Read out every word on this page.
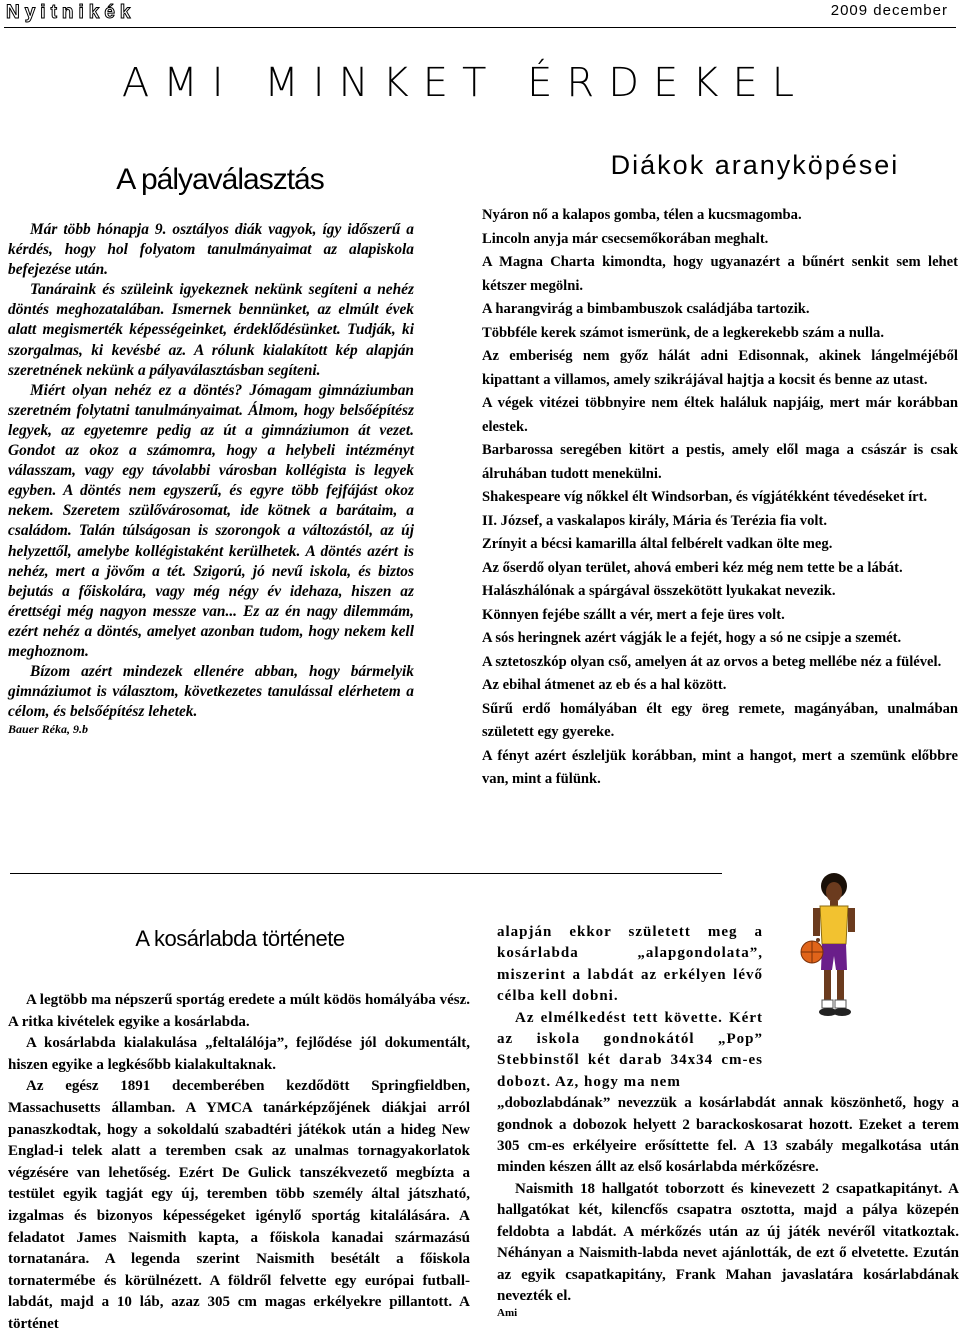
Nyitnikék	2009 december
AMI MINKET ÉRDEKEL
A pályaválasztás

Már több hónapja 9. osztályos diák vagyok, így időszerű a kérdés, hogy hol folyatom tanulmányaimat az alapiskola befejezése után.

Tanáraink és szüleink igyekeznek nekünk segíteni a nehéz döntés meghozatalában. Ismernek bennünket, az elmúlt évek alatt megismerték képességeinket, érdeklődésünket. Tudják, ki szorgalmas, ki kevésbé az. A rólunk kialakított kép alapján szeretnének nekünk a pályaválasztásban segíteni.

Miért olyan nehéz ez a döntés? Jómagam gimnáziumban szeretném folytatni tanulmányaimat. Álmom, hogy belsőépítész legyek, az egyetemre pedig az út a gimnáziumon át vezet. Gondot az okoz a számomra, hogy a helybeli intézményt válasszam, vagy egy távolabbi városban kollégista is legyek egyben. A döntés nem egyszerű, és egyre több fejfájást okoz nekem. Szeretem szülővárosomat, ide kötnek a barátaim, a családom. Talán túlságosan is szorongok a változástól, az új helyzettől, amelybe kollégistaként kerülhetek. A döntés azért is nehéz, mert a jövőm a tét. Szigorú, jó nevű iskola, és biztos bejutás a főiskolára, vagy még négy év idehaza, hiszen az érettségi még nagyon messze van... Ez az én nagy dilemmám, ezért nehéz a döntés, amelyet azonban tudom, hogy nekem kell meghoznom.

Bízom azért mindezek ellenére abban, hogy bármelyik gimnáziumot is választom, következetes tanulással elérhetem a célom, és belsőépítész lehetek.

Bauer Réka, 9.b

Diákok aranyköpései
Nyáron nő a kalapos gomba, télen a kucsmagomba.
Lincoln anyja már csecsemőkorában meghalt.
A Magna Charta kimondta, hogy ugyanazért a bűnért senkit sem lehet kétszer megölni.
A harangvirág a bimbambuszok családjába tartozik.
Többféle kerek számot ismerünk, de a legkerekebb szám a nulla.
Az emberiség nem győz hálát adni Edisonnak, akinek lángelméjéből kipattant a villamos, amely szikrájával hajtja a kocsit és benne az utast.
A végek vitézei többnyire nem éltek haláluk napjáig, mert már korábban elestek.
Barbarossa seregében kitört a pestis, amely elől maga a császár is csak álruhában tudott menekülni.
Shakespeare víg nőkkel élt Windsorban, és vígjátékként tévedéseket írt.
II. József, a vaskalapos király, Mária és Terézia fia volt.
Zrínyit a bécsi kamarilla által felbérelt vadkan ölte meg.
Az őserdő olyan terület, ahová emberi kéz még nem tette be a lábát.
Halászhálónak a spárgával összekötött lyukakat nevezik.
Könnyen fejébe szállt a vér, mert a feje üres volt.
A sós heringnek azért vágják le a fejét, hogy a só ne csipje a szemét.
A sztetoszkóp olyan cső, amelyen át az orvos a beteg mellébe néz a fülével.
Az ebihal átmenet az eb és a hal között.
Sűrű erdő homályában élt egy öreg remete, magányában, unalmában született egy gyereke.
A fényt azért észleljük korábban, mint a hangot, mert a szemünk előbbre van, mint a fülünk.
A kosárlabda története

A legtöbb ma népszerű sportág eredete a múlt ködös homályába vész. A ritka kivételek egyike a kosárlabda.

A kosárlabda kialakulása „feltalálója”, fejlődése jól dokumentált, hiszen egyike a legkésőbb kialakultaknak.

Az egész 1891 decemberében kezdődött Springfieldben, Massachusetts államban. A YMCA tanárképzőjének diákjai arról panaszkodtak, hogy a sokoldalú szabadtéri játékok után a hideg New Englad-i telek alatt a teremben csak az unalmas tornagyakorlatok végzésére van lehetőség. Ezért De Gulick tanszékvezető megbízta a testület egyik tagját egy új, teremben több személy által játszható, izgalmas és bizonyos képességeket igénylő sportág kitalálására. A feladatot James Naismith kapta, a főiskola kanadai származású tornatanára. A legenda szerint Naismith besétált a főiskola tornatermébe és körülnézett. A földről felvette egy európai futball-labdát, majd a 10 láb, azaz 305 cm magas erkélyekre pillantott. A történet

alapján ekkor született meg a kosárlabda „alapgondolata”, miszerint a labdát az erkélyen lévő célba kell dobni.

Az elmélkedést tett követte. Kért az iskola gondnokától „Pop” Stebbinstől két darab 34x34 cm-es dobozt. Az, hogy ma nem

„dobozlabdának” nevezzük a kosárlabdát annak köszönhető, hogy a gondnok a dobozok helyett 2 barackoskosarat hozott. Ezeket a terem 305 cm-es erkélyeire erősíttette fel. A 13 szabály megalkotása után minden készen állt az első kosárlabda mérkőzésre.

Naismith 18 hallgatót toborzott és kinevezett 2 csapatkapitányt. A hallgatókat két, kilencfős csapatra osztotta, majd a pálya közepén feldobta a labdát. A mérkőzés után az új játék nevéről vitatkoztak. Néhányan a Naismith-labda nevet ajánlották, de ezt ő elvetette. Ezután az egyik csapatkapitány, Frank Mahan javaslatára kosárlabdának nevezték el.

Ami
